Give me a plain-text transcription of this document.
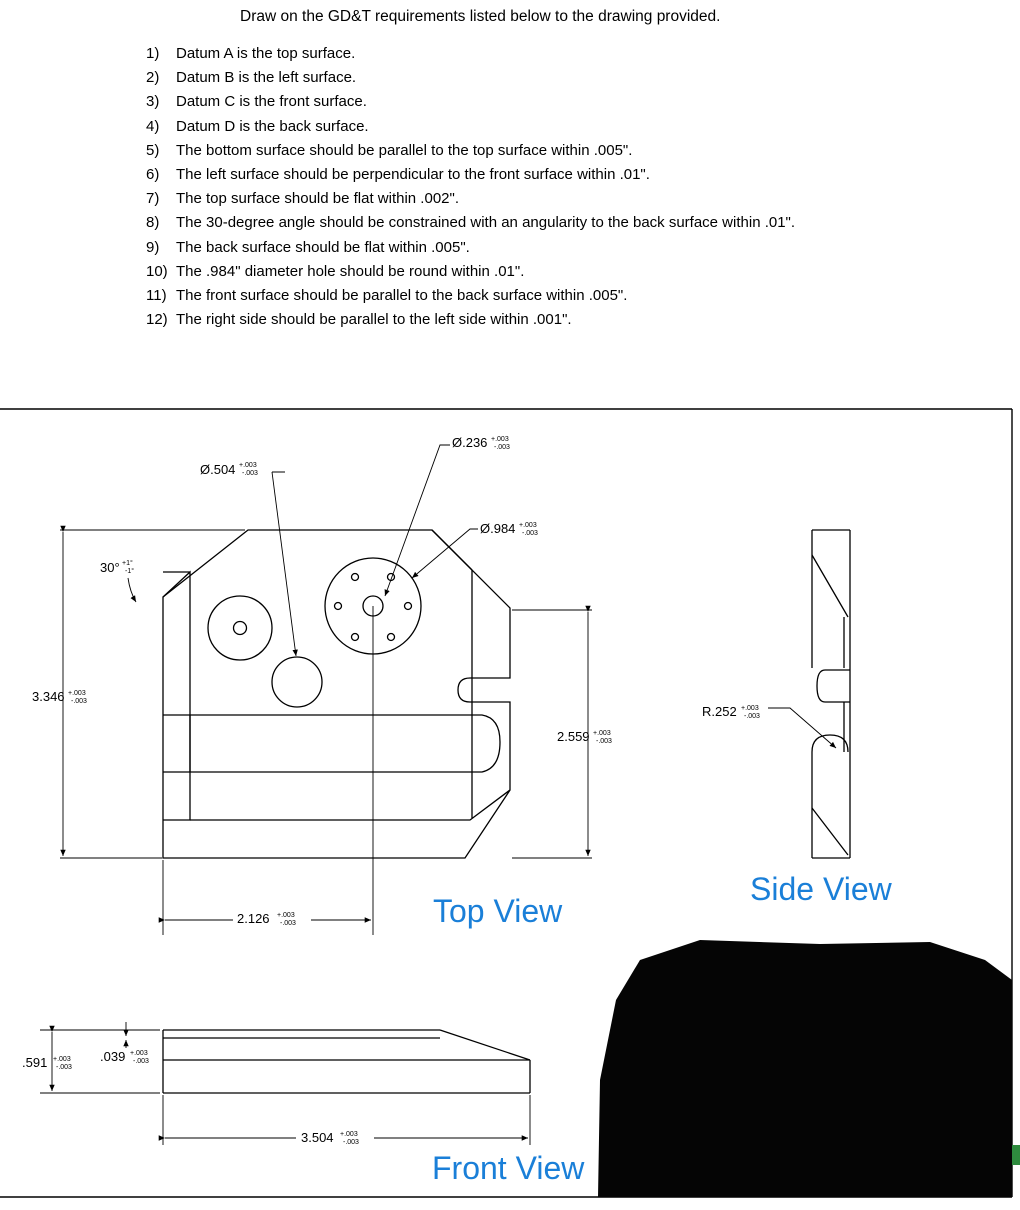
Draw on the GD&T requirements listed below to the drawing provided.
1) Datum A is the top surface.
2) Datum B is the left surface.
3) Datum C is the front surface.
4) Datum D is the back surface.
5) The bottom surface should be parallel to the top surface within .005".
6) The left surface should be perpendicular to the front surface within .01".
7) The top surface should be flat within .002".
8) The 30-degree angle should be constrained with an angularity to the back surface within .01".
9) The back surface should be flat within .005".
10) The .984" diameter hole should be round within .01".
11) The front surface should be parallel to the back surface within .005".
12) The right side should be parallel to the left side within .001".
Ø.236 +.003
-.003
Ø.504 +.003
-.003
Ø.984 +.003
-.003
30° +1°
-1°
3.346 +.003
-.003
2.559 +.003
-.003
R.252 +.003
-.003
2.126 +.003
-.003
.591 +.003
-.003
.039 +.003
-.003
3.504 +.003
-.003
Top View
Side View
Front View
